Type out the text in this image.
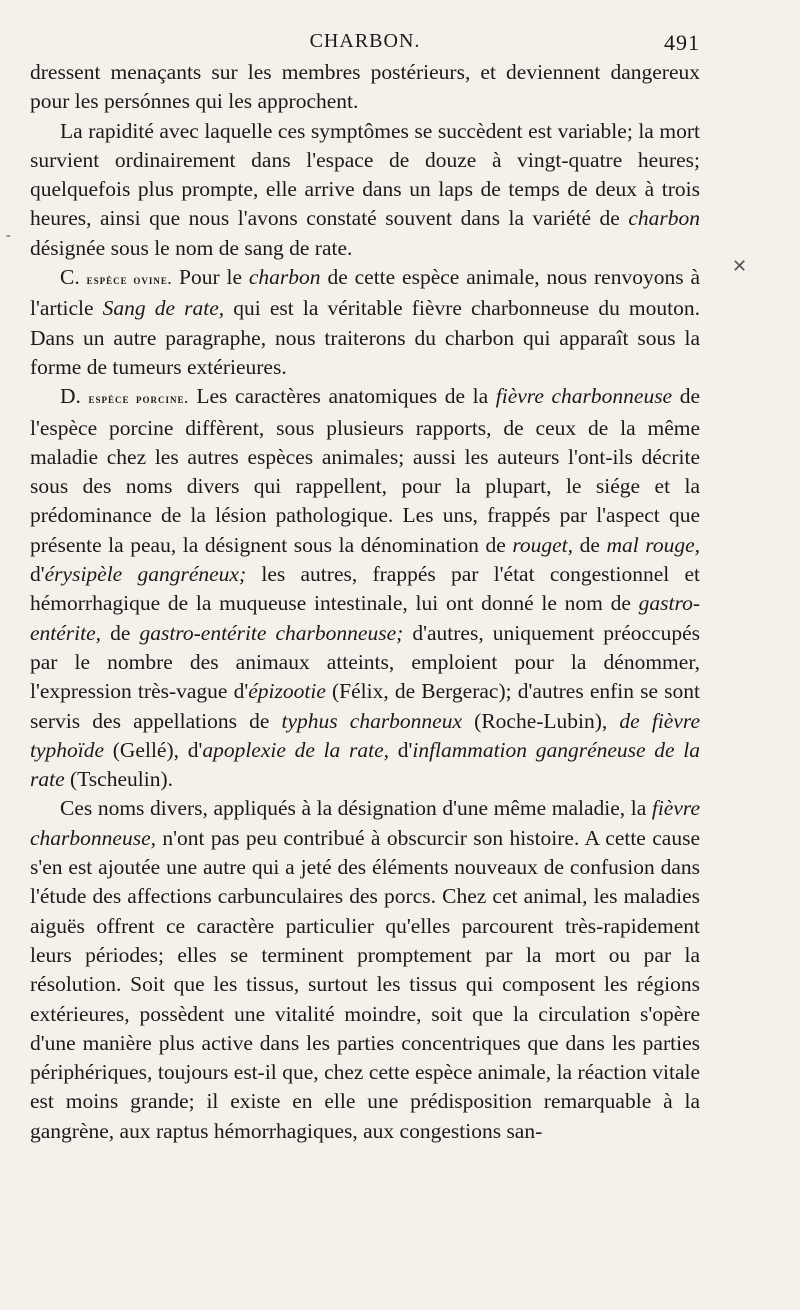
CHARBON.	491

dressent menaçants sur les membres postérieurs, et deviennent dangereux pour les persónnes qui les approchent.

La rapidité avec laquelle ces symptômes se succèdent est variable; la mort survient ordinairement dans l'espace de douze à vingt-quatre heures; quelquefois plus prompte, elle arrive dans un laps de temps de deux à trois heures, ainsi que nous l'avons constaté souvent dans la variété de charbon désignée sous le nom de sang de rate.

C. espèce ovine. Pour le charbon de cette espèce animale, nous renvoyons à l'article Sang de rate, qui est la véritable fièvre charbonneuse du mouton. Dans un autre paragraphe, nous traiterons du charbon qui apparaît sous la forme de tumeurs extérieures.

D. espèce porcine. Les caractères anatomiques de la fièvre charbonneuse de l'espèce porcine diffèrent, sous plusieurs rapports, de ceux de la même maladie chez les autres espèces animales; aussi les auteurs l'ont-ils décrite sous des noms divers qui rappellent, pour la plupart, le siége et la prédominance de la lésion pathologique. Les uns, frappés par l'aspect que présente la peau, la désignent sous la dénomination de rouget, de mal rouge, d'érysipèle gangréneux; les autres, frappés par l'état congestionnel et hémorrhagique de la muqueuse intestinale, lui ont donné le nom de gastro-entérite, de gastro-entérite charbonneuse; d'autres, uniquement préoccupés par le nombre des animaux atteints, emploient pour la dénommer, l'expression très-vague d'épizootie (Félix, de Bergerac); d'autres enfin se sont servis des appellations de typhus charbonneux (Roche-Lubin), de fièvre typhoïde (Gellé), d'apoplexie de la rate, d'inflammation gangréneuse de la rate (Tscheulin).

Ces noms divers, appliqués à la désignation d'une même maladie, la fièvre charbonneuse, n'ont pas peu contribué à obscurcir son histoire. A cette cause s'en est ajoutée une autre qui a jeté des éléments nouveaux de confusion dans l'étude des affections carbunculaires des porcs. Chez cet animal, les maladies aiguës offrent ce caractère particulier qu'elles parcourent très-rapidement leurs périodes; elles se terminent promptement par la mort ou par la résolution. Soit que les tissus, surtout les tissus qui composent les régions extérieures, possèdent une vitalité moindre, soit que la circulation s'opère d'une manière plus active dans les parties concentriques que dans les parties périphériques, toujours est-il que, chez cette espèce animale, la réaction vitale est moins grande; il existe en elle une prédisposition remarquable à la gangrène, aux raptus hémorrhagiques, aux congestions san-

✕
-
